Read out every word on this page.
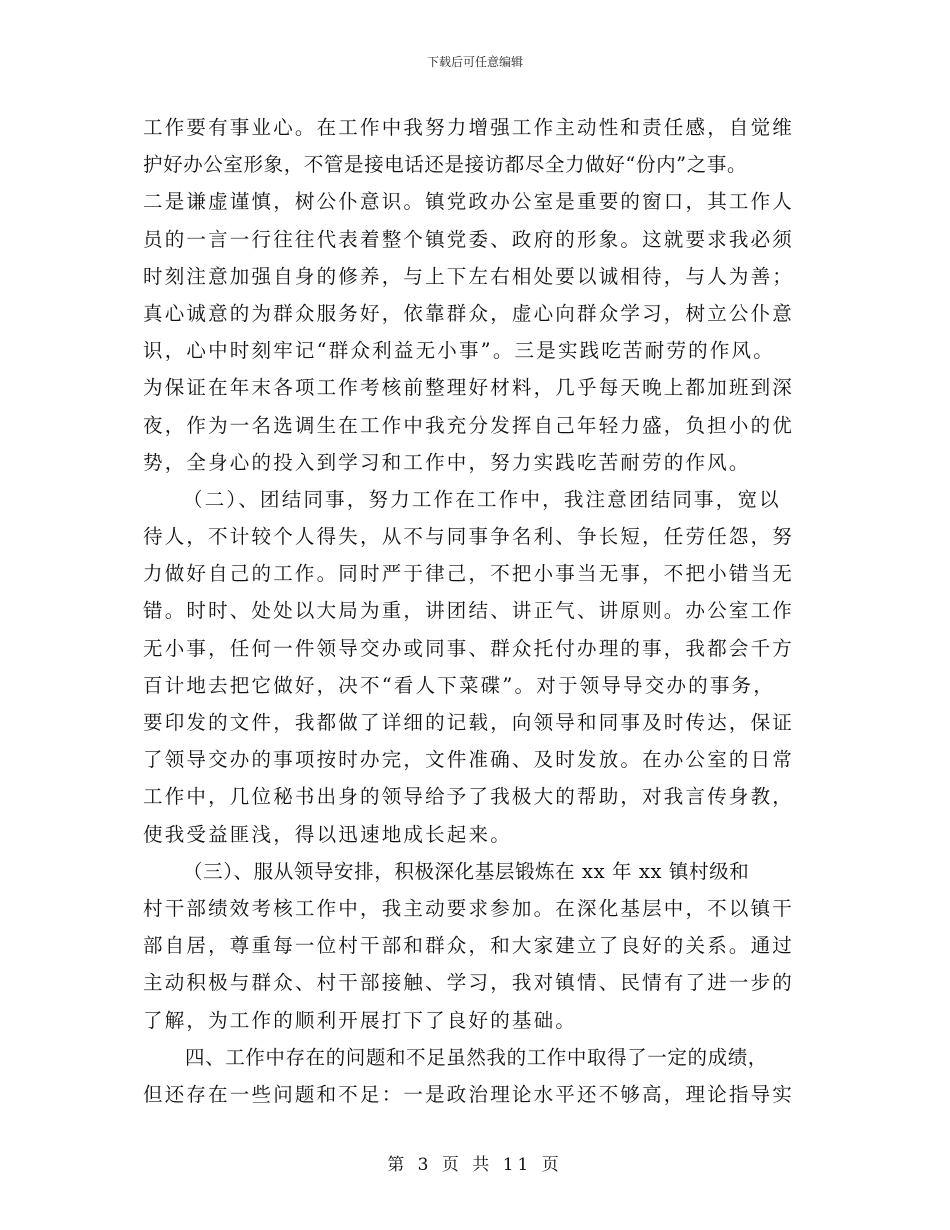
下载后可任意编辑
工作要有事业心。在工作中我努力增强工作主动性和责任感，自觉维
护好办公室形象，不管是接电话还是接访都尽全力做好“份内”之事。
二是谦虚谨慎，树公仆意识。镇党政办公室是重要的窗口，其工作人
员的一言一行往往代表着整个镇党委、政府的形象。这就要求我必须
时刻注意加强自身的修养，与上下左右相处要以诚相待，与人为善；
真心诚意的为群众服务好，依靠群众，虚心向群众学习，树立公仆意
识，心中时刻牢记“群众利益无小事”。三是实践吃苦耐劳的作风。
为保证在年末各项工作考核前整理好材料，几乎每天晚上都加班到深
夜，作为一名选调生在工作中我充分发挥自己年轻力盛，负担小的优
势，全身心的投入到学习和工作中，努力实践吃苦耐劳的作风。
（二）、团结同事，努力工作在工作中，我注意团结同事，宽以
待人，不计较个人得失，从不与同事争名利、争长短，任劳任怨，努
力做好自己的工作。同时严于律己，不把小事当无事，不把小错当无
错。时时、处处以大局为重，讲团结、讲正气、讲原则。办公室工作
无小事，任何一件领导交办或同事、群众托付办理的事，我都会千方
百计地去把它做好，决不“看人下菜碟”。对于领导导交办的事务，
要印发的文件，我都做了详细的记载，向领导和同事及时传达，保证
了领导交办的事项按时办完，文件准确、及时发放。在办公室的日常
工作中，几位秘书出身的领导给予了我极大的帮助，对我言传身教，
使我受益匪浅，得以迅速地成长起来。
（三）、服从领导安排，积极深化基层锻炼在 xx 年 xx 镇村级和
村干部绩效考核工作中，我主动要求参加。在深化基层中，不以镇干
部自居，尊重每一位村干部和群众，和大家建立了良好的关系。通过
主动积极与群众、村干部接触、学习，我对镇情、民情有了进一步的
了解，为工作的顺利开展打下了良好的基础。
四、工作中存在的问题和不足虽然我的工作中取得了一定的成绩，
但还存在一些问题和不足：一是政治理论水平还不够高，理论指导实
第 3 页 共 11 页
